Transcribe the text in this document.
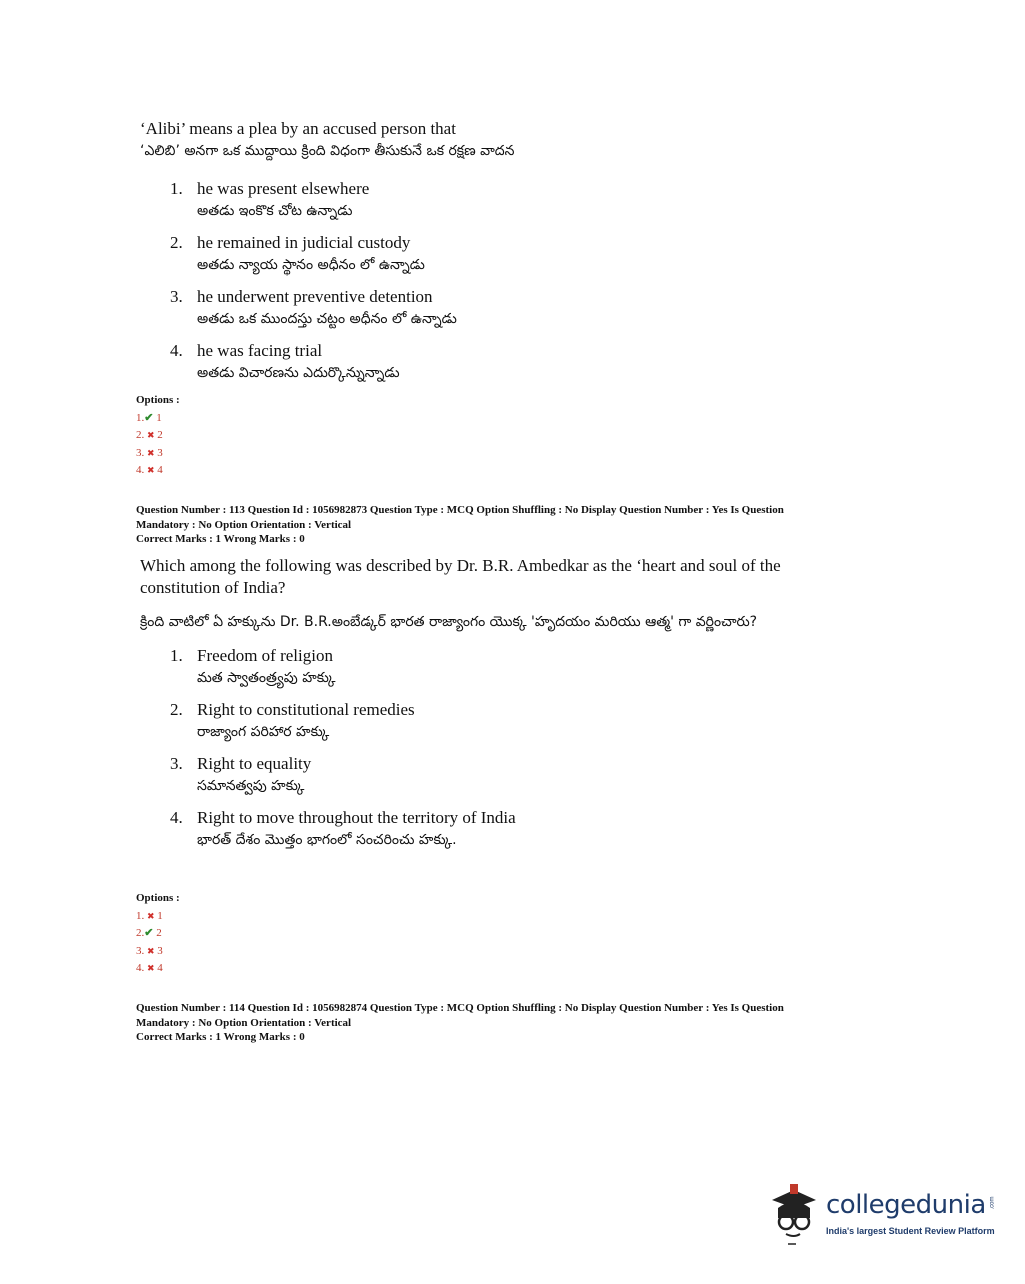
‘Alibi’ means a plea by an accused person that

‘ఎలిబి’ అనగా ఒక ముద్దాయి క్రింది విధంగా తీసుకునే ఒక రక్షణ వాదన

1. he was present elsewhere
అతడు ఇంకొక చోట ఉన్నాడు
2. he remained in judicial custody
అతడు న్యాయ స్థానం అధీనం లో ఉన్నాడు
3. he underwent preventive detention
అతడు ఒక ముందస్తు చట్టం అధీనం లో ఉన్నాడు
4. he was facing trial
అతడు విచారణను ఎదుర్కొన్నున్నాడు
Options :
1.✔ 1
2. ✖ 2
3. ✖ 3
4. ✖ 4
Question Number : 113 Question Id : 1056982873 Question Type : MCQ Option Shuffling : No Display Question Number : Yes Is Question
Mandatory : No Option Orientation : Vertical
Correct Marks : 1 Wrong Marks : 0

Which among the following was described by Dr. B.R. Ambedkar as the ‘heart and soul of the constitution of India?

క్రింది వాటిలో ఏ హక్కును Dr. B.R.అంబేడ్కర్ భారత రాజ్యాంగం యొక్క 'హృదయం మరియు ఆత్మ' గా వర్ణించారు?

1. Freedom of religion
మత స్వాతంత్ర్యపు హక్కు
2. Right to constitutional remedies
రాజ్యాంగ పరిహార హక్కు
3. Right to equality
సమానత్వపు హక్కు
4. Right to move throughout the territory of India
భారత్ దేశం మొత్తం భాగంలో సంచరించు హక్కు.
Options :
1. ✖ 1
2.✔ 2
3. ✖ 3
4. ✖ 4
Question Number : 114 Question Id : 1056982874 Question Type : MCQ Option Shuffling : No Display Question Number : Yes Is Question
Mandatory : No Option Orientation : Vertical
Correct Marks : 1 Wrong Marks : 0
collegedunia .com
India's largest Student Review Platform
